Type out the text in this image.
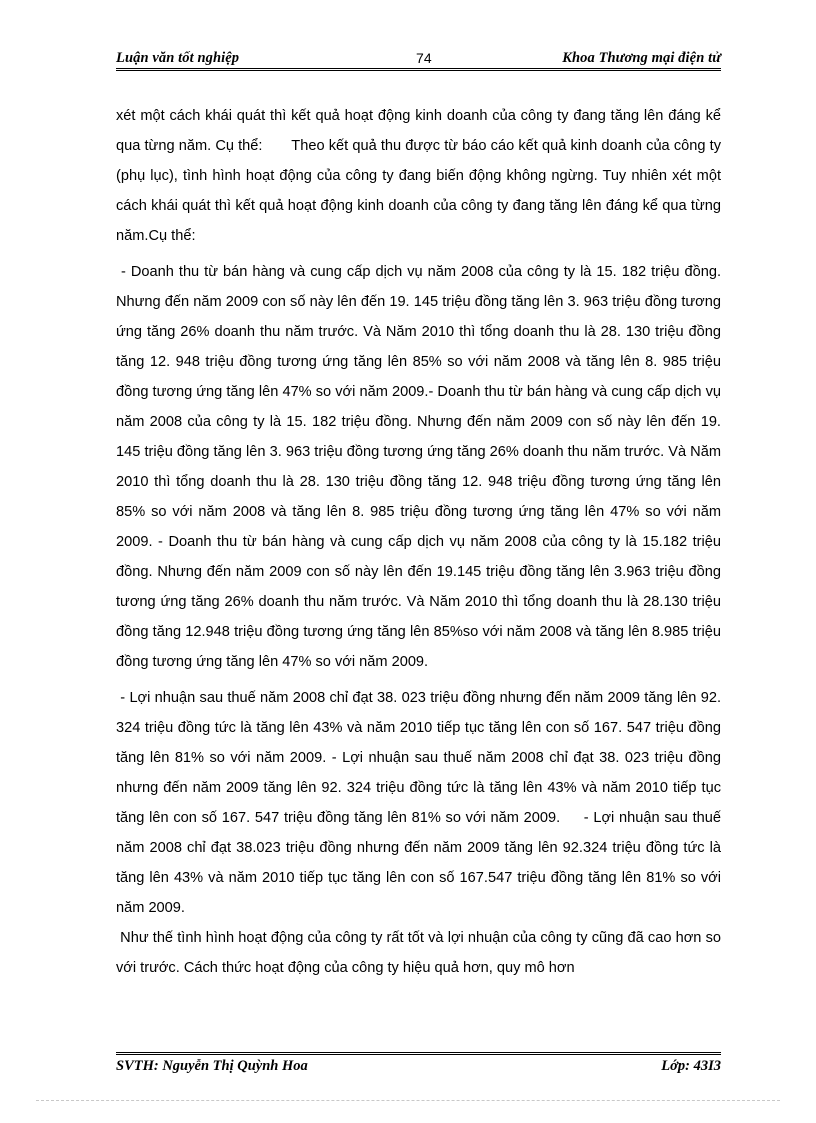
Luận văn tốt nghiệp	74	Khoa Thương mại điện tử

xét một cách khái quát thì kết quả hoạt động kinh doanh của công ty đang tăng lên đáng kể qua từng năm. Cụ thể:       Theo kết quả thu được từ báo cáo kết quả kinh doanh của công ty (phụ lục), tình hình hoạt động của công ty đang biến động không ngừng. Tuy nhiên xét một cách khái quát thì kết quả hoạt động kinh doanh của công ty đang tăng lên đáng kể qua từng năm.Cụ thể:

- Doanh thu từ bán hàng và cung cấp dịch vụ năm 2008 của công ty là 15. 182 triệu đồng. Nhưng đến năm 2009 con số này lên đến 19. 145 triệu đồng tăng lên 3. 963 triệu đồng tương ứng tăng 26% doanh thu năm trước. Và Năm 2010 thì tổng doanh thu là 28. 130 triệu đồng tăng 12. 948 triệu đồng tương ứng tăng lên 85% so với năm 2008 và tăng lên 8. 985 triệu đồng tương ứng tăng lên 47% so với năm 2009.- Doanh thu từ bán hàng và cung cấp dịch vụ năm 2008 của công ty là 15. 182 triệu đồng. Nhưng đến năm 2009 con số này lên đến 19. 145 triệu đồng tăng lên 3. 963 triệu đồng tương ứng tăng 26% doanh thu năm trước. Và Năm 2010 thì tổng doanh thu là 28. 130 triệu đồng tăng 12. 948 triệu đồng tương ứng tăng lên 85% so với năm 2008 và tăng lên 8. 985 triệu đồng tương ứng tăng lên 47% so với năm 2009. - Doanh thu từ bán hàng và cung cấp dịch vụ năm 2008 của công ty là 15.182 triệu đồng. Nhưng đến năm 2009 con số này lên đến 19.145 triệu đồng tăng lên 3.963 triệu đồng tương ứng tăng 26% doanh thu năm trước. Và Năm 2010 thì tổng doanh thu là 28.130 triệu đồng tăng 12.948 triệu đồng tương ứng tăng lên 85%so với năm 2008 và tăng lên 8.985 triệu đồng tương ứng tăng lên 47% so với năm 2009.

- Lợi nhuận sau thuế năm 2008 chỉ đạt 38. 023 triệu đồng nhưng đến năm 2009 tăng lên 92. 324 triệu đồng tức là tăng lên 43% và năm 2010 tiếp tục tăng lên con số 167. 547 triệu đồng tăng lên 81% so với năm 2009. - Lợi nhuận sau thuế năm 2008 chỉ đạt 38. 023 triệu đồng nhưng đến năm 2009 tăng lên 92. 324 triệu đồng tức là tăng lên 43% và năm 2010 tiếp tục tăng lên con số 167. 547 triệu đồng tăng lên 81% so với năm 2009.     - Lợi nhuận sau thuế năm 2008 chỉ đạt 38.023 triệu đồng nhưng đến năm 2009 tăng lên 92.324 triệu đồng tức là tăng lên 43% và năm 2010 tiếp tục tăng lên con số 167.547 triệu đồng tăng lên 81% so với năm 2009.

Như thế tình hình hoạt động của công ty rất tốt và lợi nhuận của công ty cũng đã cao hơn so với trước. Cách thức hoạt động của công ty hiệu quả hơn, quy mô hơn

SVTH: Nguyễn Thị Quỳnh Hoa	Lớp: 43I3
